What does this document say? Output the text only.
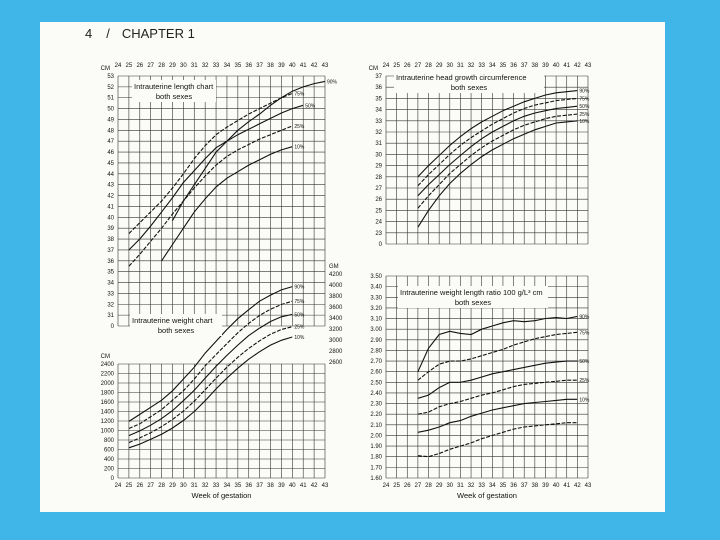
4 / CHAPTER 1
53
52
51
50
49
48
47
46
45
44
43
42
41
40
39
38
37
36
35
34
33
32
31
0
CM 24 25 26 27 28 29 30 31 32 33 34 35 36 37 38 39 40 41 42 43
90%
75%
50%
25%
10%
Intrauterine length chart
both sexes
2400
2200
2000
1800
1600
1400
1200
1000
800
600
400
200
0
CM
GM
4200
4000
3800
3600
3400
3200
3000
2800
2600
24 25 26 27 28 29 30 31 32 33 34 35 36 37 38 39 40 41 42 43
Week of gestation
90%
75%
50%
25%
10%
Intrauterine weight chart
both sexes
37
36
35
34
33
32
31
30
29
28
27
26
25
24
23
0
CM 24 25 26 27 28 29 30 31 32 33 34 35 36 37 38 39 40 41 42 43
90%
75%
50%
25%
10%
Intrauterine head growth circumference
both sexes
3.50
3.40
3.30
3.20
3.10
3.00
2.90
2.80
2.70
2.60
2.50
2.40
2.30
2.20
2.10
2.00
1.90
1.80
1.70
1.60
24 25 26 27 28 29 30 31 32 33 34 35 36 37 38 39 40 41 42 43
Week of gestation
90%
75%
50%
25%
10%
Intrauterine weight length ratio 100 g/L³ cm
both sexes
